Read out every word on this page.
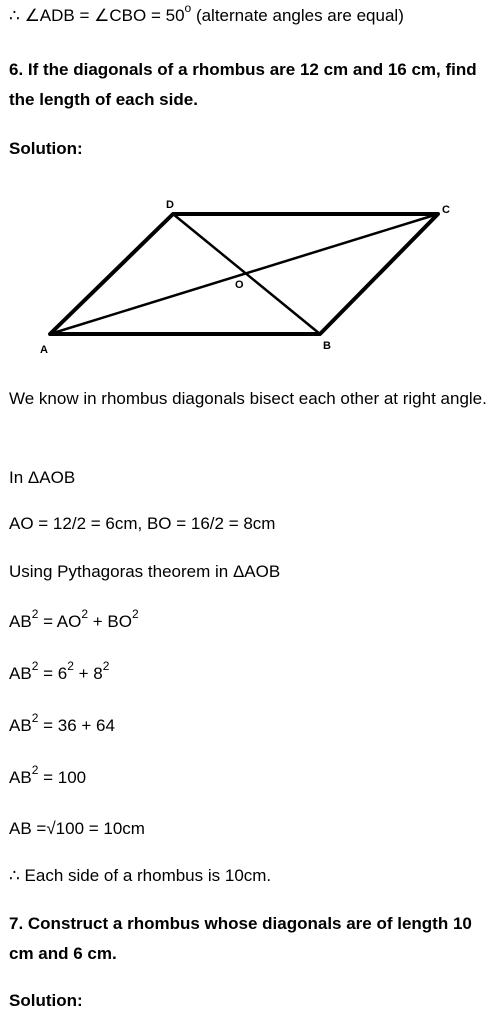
∴ ∠ADB = ∠CBO = $50^o$ (alternate angles are equal)
6. If the diagonals of a rhombus are 12 cm and 16 cm, find the length of each side.
Solution:
A	B
C
D
O
We know in rhombus diagonals bisect each other at right angle.
In ΔAOB
AO = 12/2 = 6cm, BO = 16/2 = 8cm
Using Pythagoras theorem in ΔAOB
$AB^2 = AO^2 + BO^2$
$AB^2 = 6^2 + 8^2$
$AB^2 = 36 + 64$
$AB^2 = 100$
AB =√100 = 10cm
∴ Each side of a rhombus is 10cm.
7. Construct a rhombus whose diagonals are of length 10 cm and 6 cm.
Solution:
